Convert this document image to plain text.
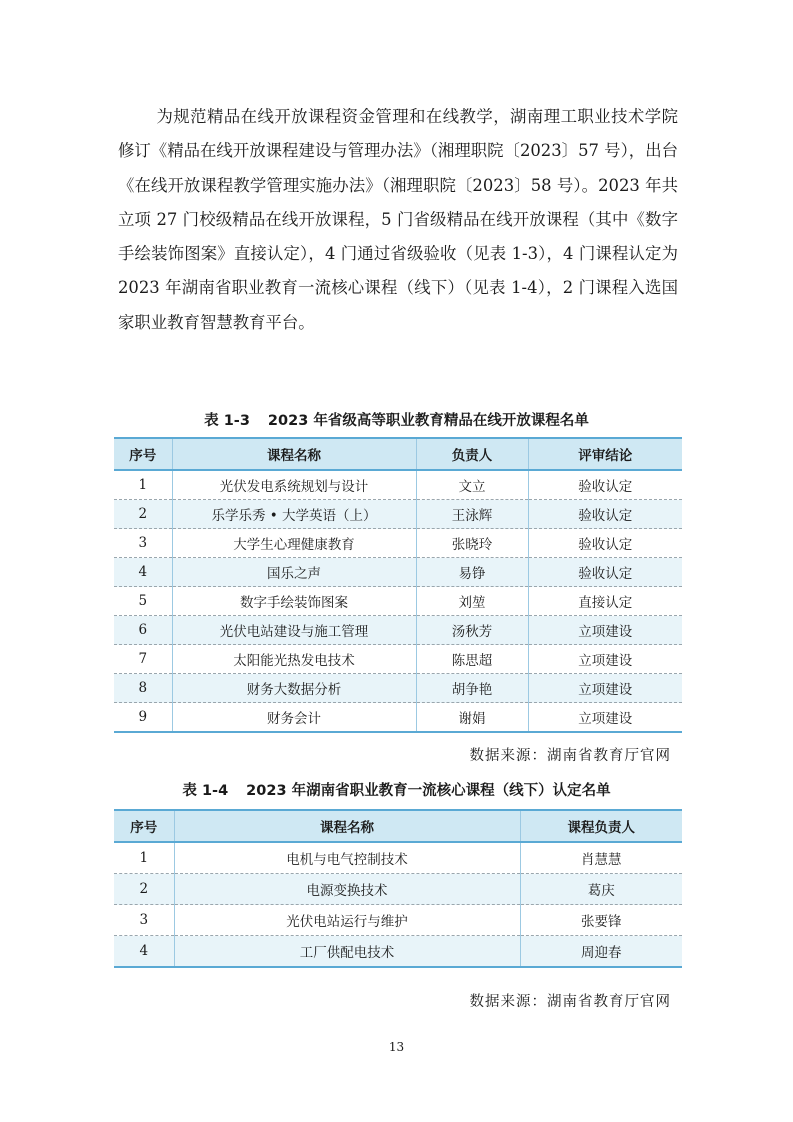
为规范精品在线开放课程资金管理和在线教学，湖南理工职业技术学院修订《精品在线开放课程建设与管理办法》（湘理职院〔2023〕57 号），出台《在线开放课程教学管理实施办法》（湘理职院〔2023〕58 号）。2023 年共立项 27 门校级精品在线开放课程，5 门省级精品在线开放课程（其中《数字手绘装饰图案》直接认定），4 门通过省级验收（见表 1-3），4 门课程认定为 2023 年湖南省职业教育一流核心课程（线下）（见表 1-4），2 门课程入选国家职业教育智慧教育平台。

表 1-3 2023 年省级高等职业教育精品在线开放课程名单

序号	课程名称	负责人	评审结论
1	光伏发电系统规划与设计	文立	验收认定
2	乐学乐秀 • 大学英语（上）	王泳辉	验收认定
3	大学生心理健康教育	张晓玲	验收认定
4	国乐之声	易铮	验收认定
5	数字手绘装饰图案	刘堃	直接认定
6	光伏电站建设与施工管理	汤秋芳	立项建设
7	太阳能光热发电技术	陈思超	立项建设
8	财务大数据分析	胡争艳	立项建设
9	财务会计	谢娟	立项建设

数据来源：湖南省教育厅官网

表 1-4 2023 年湖南省职业教育一流核心课程（线下）认定名单

序号	课程名称	课程负责人
1	电机与电气控制技术	肖慧慧
2	电源变换技术	葛庆
3	光伏电站运行与维护	张要锋
4	工厂供配电技术	周迎春

数据来源：湖南省教育厅官网

13
